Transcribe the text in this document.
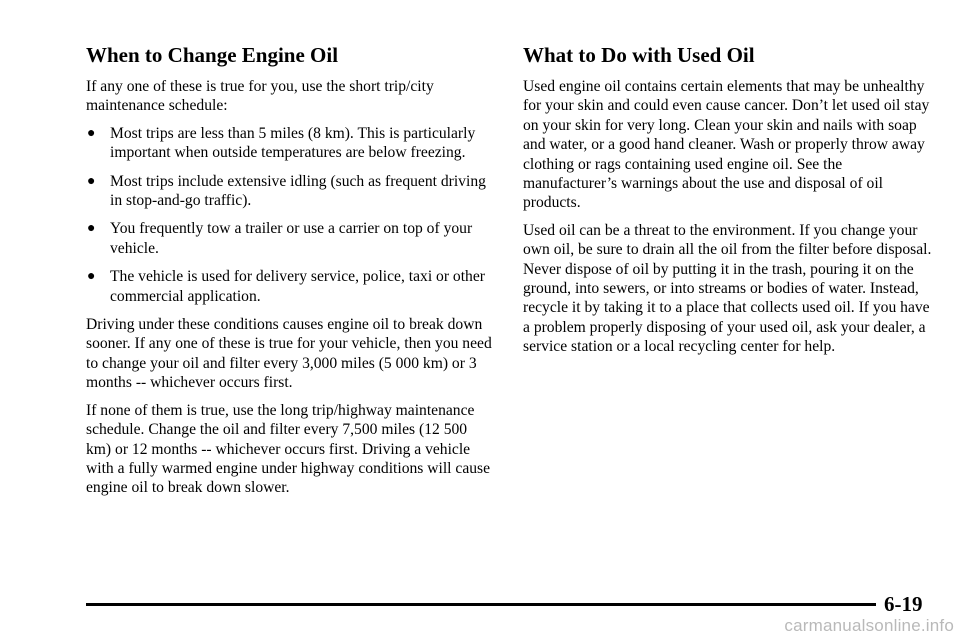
When to Change Engine Oil

If any one of these is true for you, use the short trip/city maintenance schedule:

● Most trips are less than 5 miles (8 km). This is particularly important when outside temperatures are below freezing.
● Most trips include extensive idling (such as frequent driving in stop-and-go traffic).
● You frequently tow a trailer or use a carrier on top of your vehicle.
● The vehicle is used for delivery service, police, taxi or other commercial application.

Driving under these conditions causes engine oil to break down sooner. If any one of these is true for your vehicle, then you need to change your oil and filter every 3,000 miles (5 000 km) or 3 months -- whichever occurs first.

If none of them is true, use the long trip/highway maintenance schedule. Change the oil and filter every 7,500 miles (12 500 km) or 12 months -- whichever occurs first. Driving a vehicle with a fully warmed engine under highway conditions will cause engine oil to break down slower.

What to Do with Used Oil

Used engine oil contains certain elements that may be unhealthy for your skin and could even cause cancer. Don’t let used oil stay on your skin for very long. Clean your skin and nails with soap and water, or a good hand cleaner. Wash or properly throw away clothing or rags containing used engine oil. See the manufacturer’s warnings about the use and disposal of oil products.

Used oil can be a threat to the environment. If you change your own oil, be sure to drain all the oil from the filter before disposal. Never dispose of oil by putting it in the trash, pouring it on the ground, into sewers, or into streams or bodies of water. Instead, recycle it by taking it to a place that collects used oil. If you have a problem properly disposing of your used oil, ask your dealer, a service station or a local recycling center for help.

6-19
carmanualsonline.info
